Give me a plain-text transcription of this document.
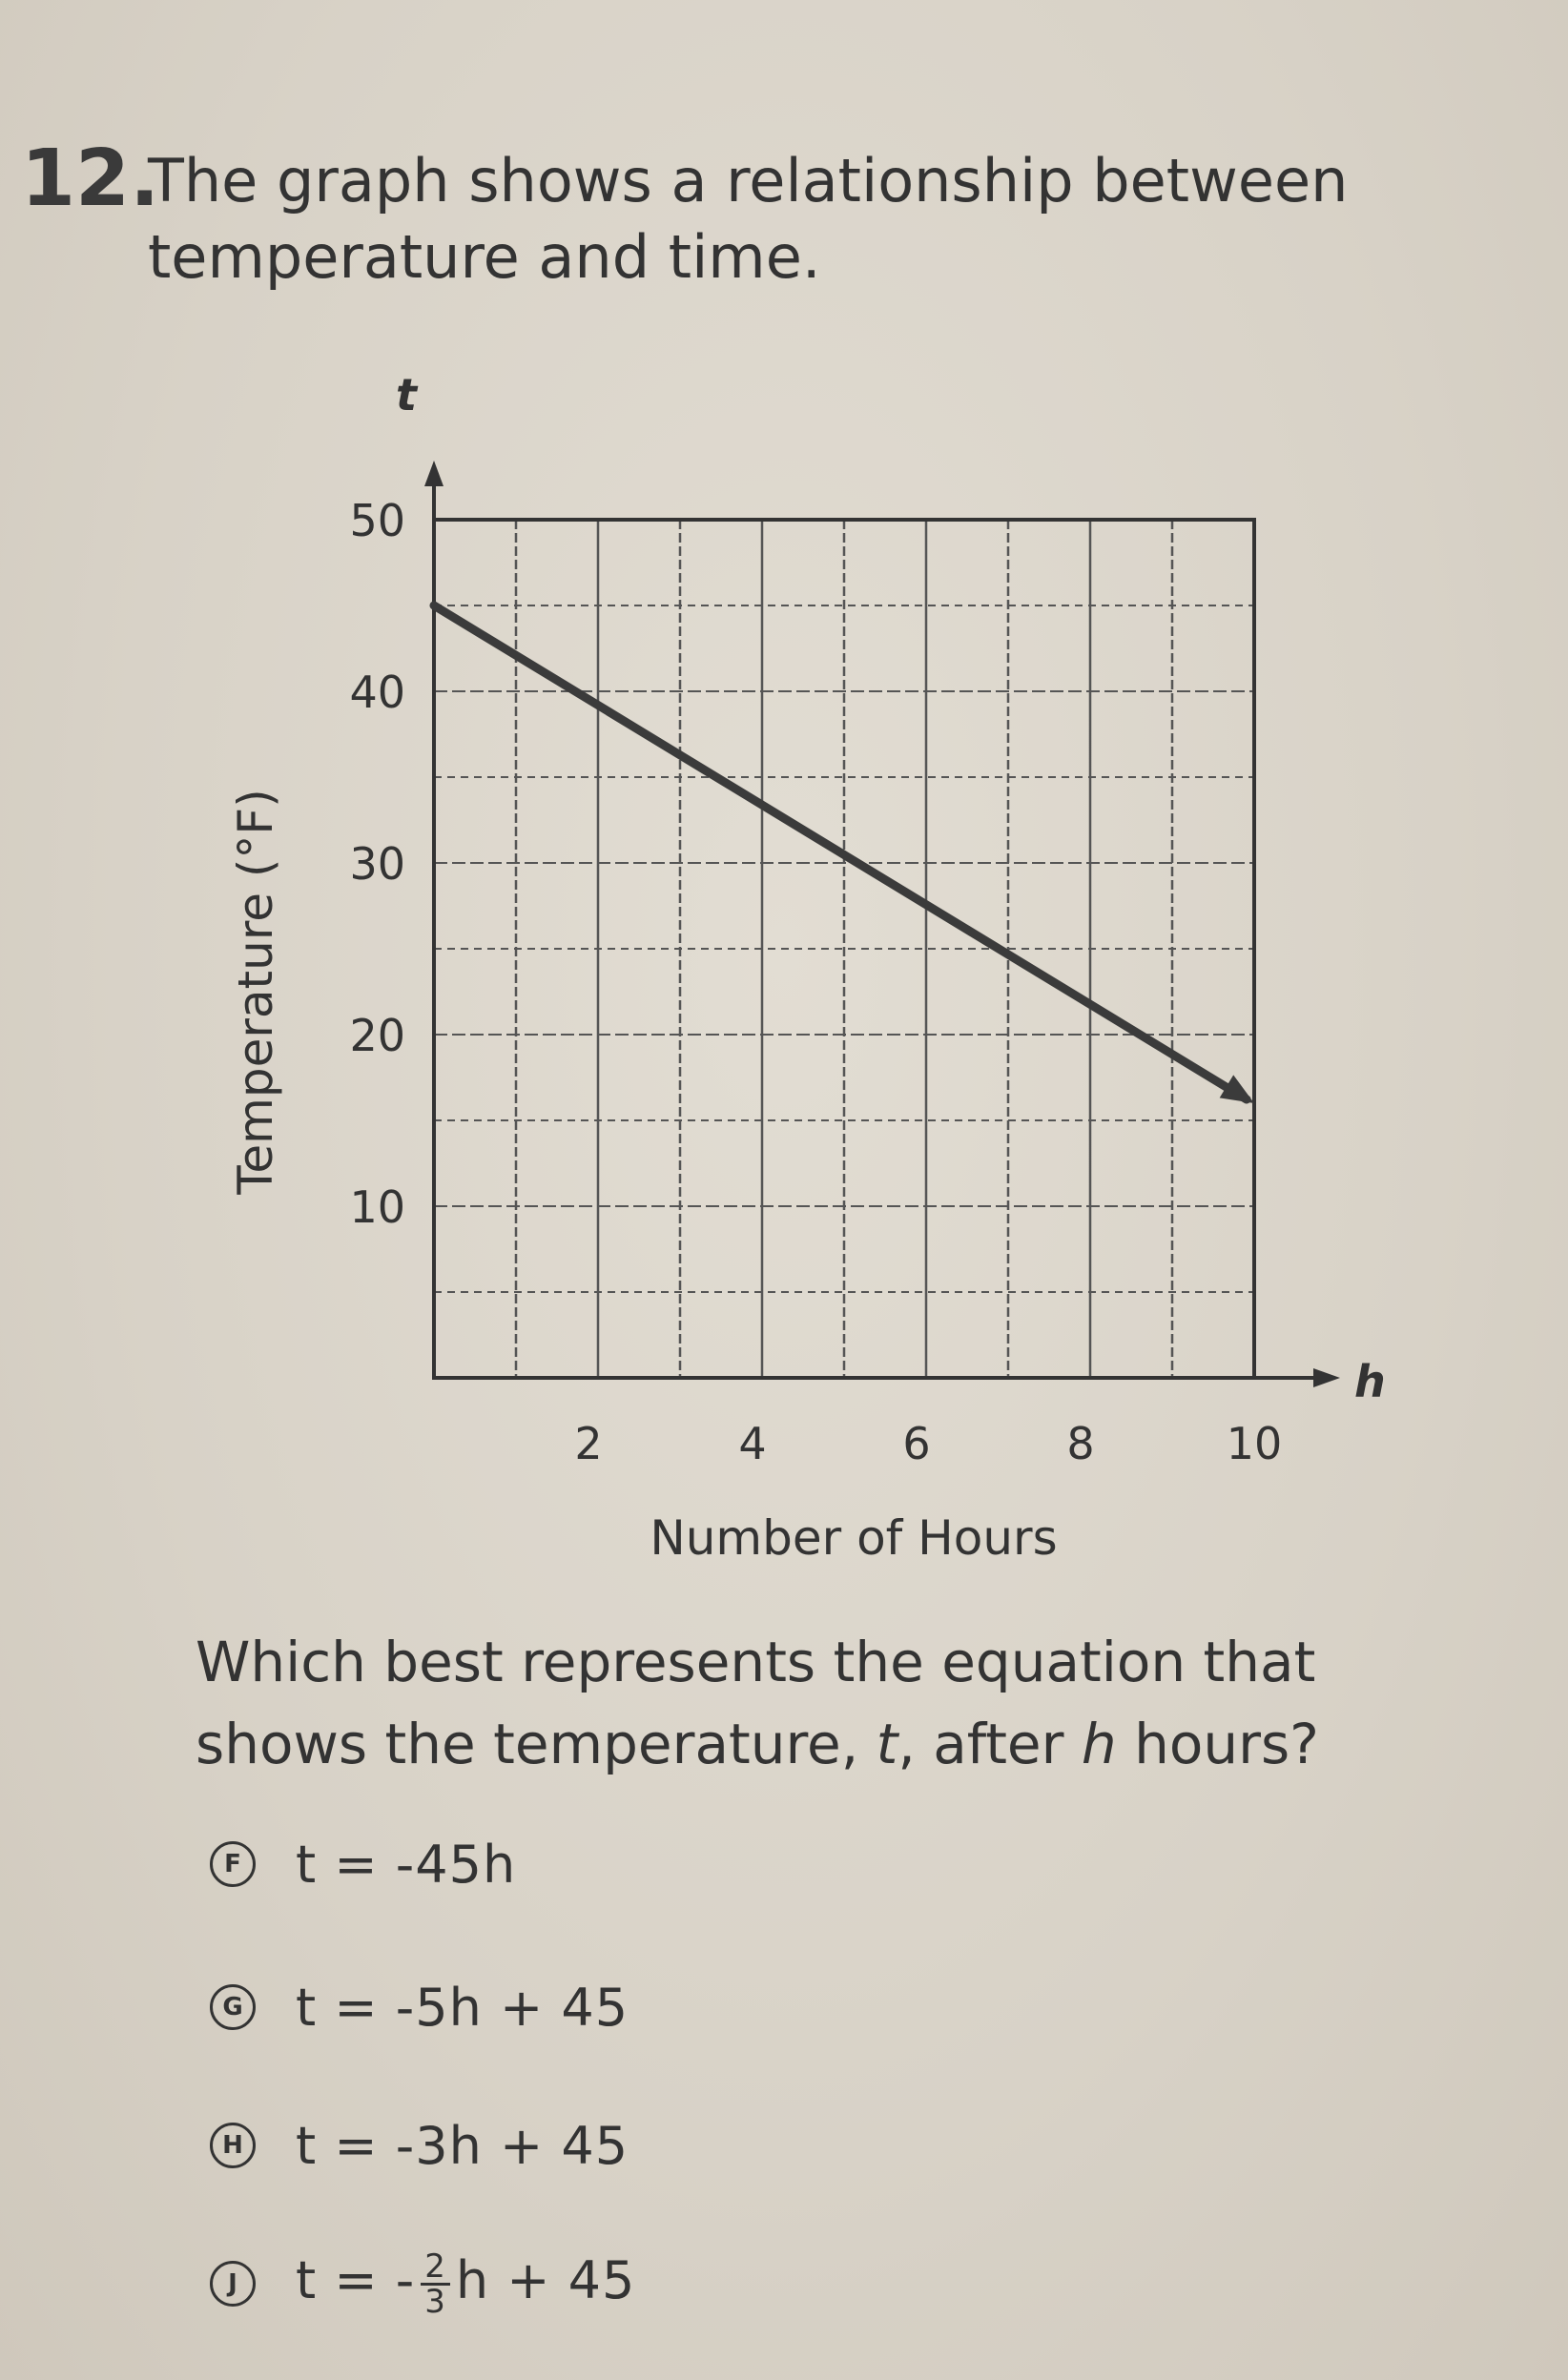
12.
The graph shows a relationship between
temperature and time.
2	4	6	8	10
10
20
30
40
50
t
h
Number of Hours
Temperature (°F)
Which best represents the equation that
shows the temperature, t, after h hours?
F t = -45h
G t = -5h + 45
H t = -3h + 45
J	t = - $\frac{2}{3}$ h + 45
